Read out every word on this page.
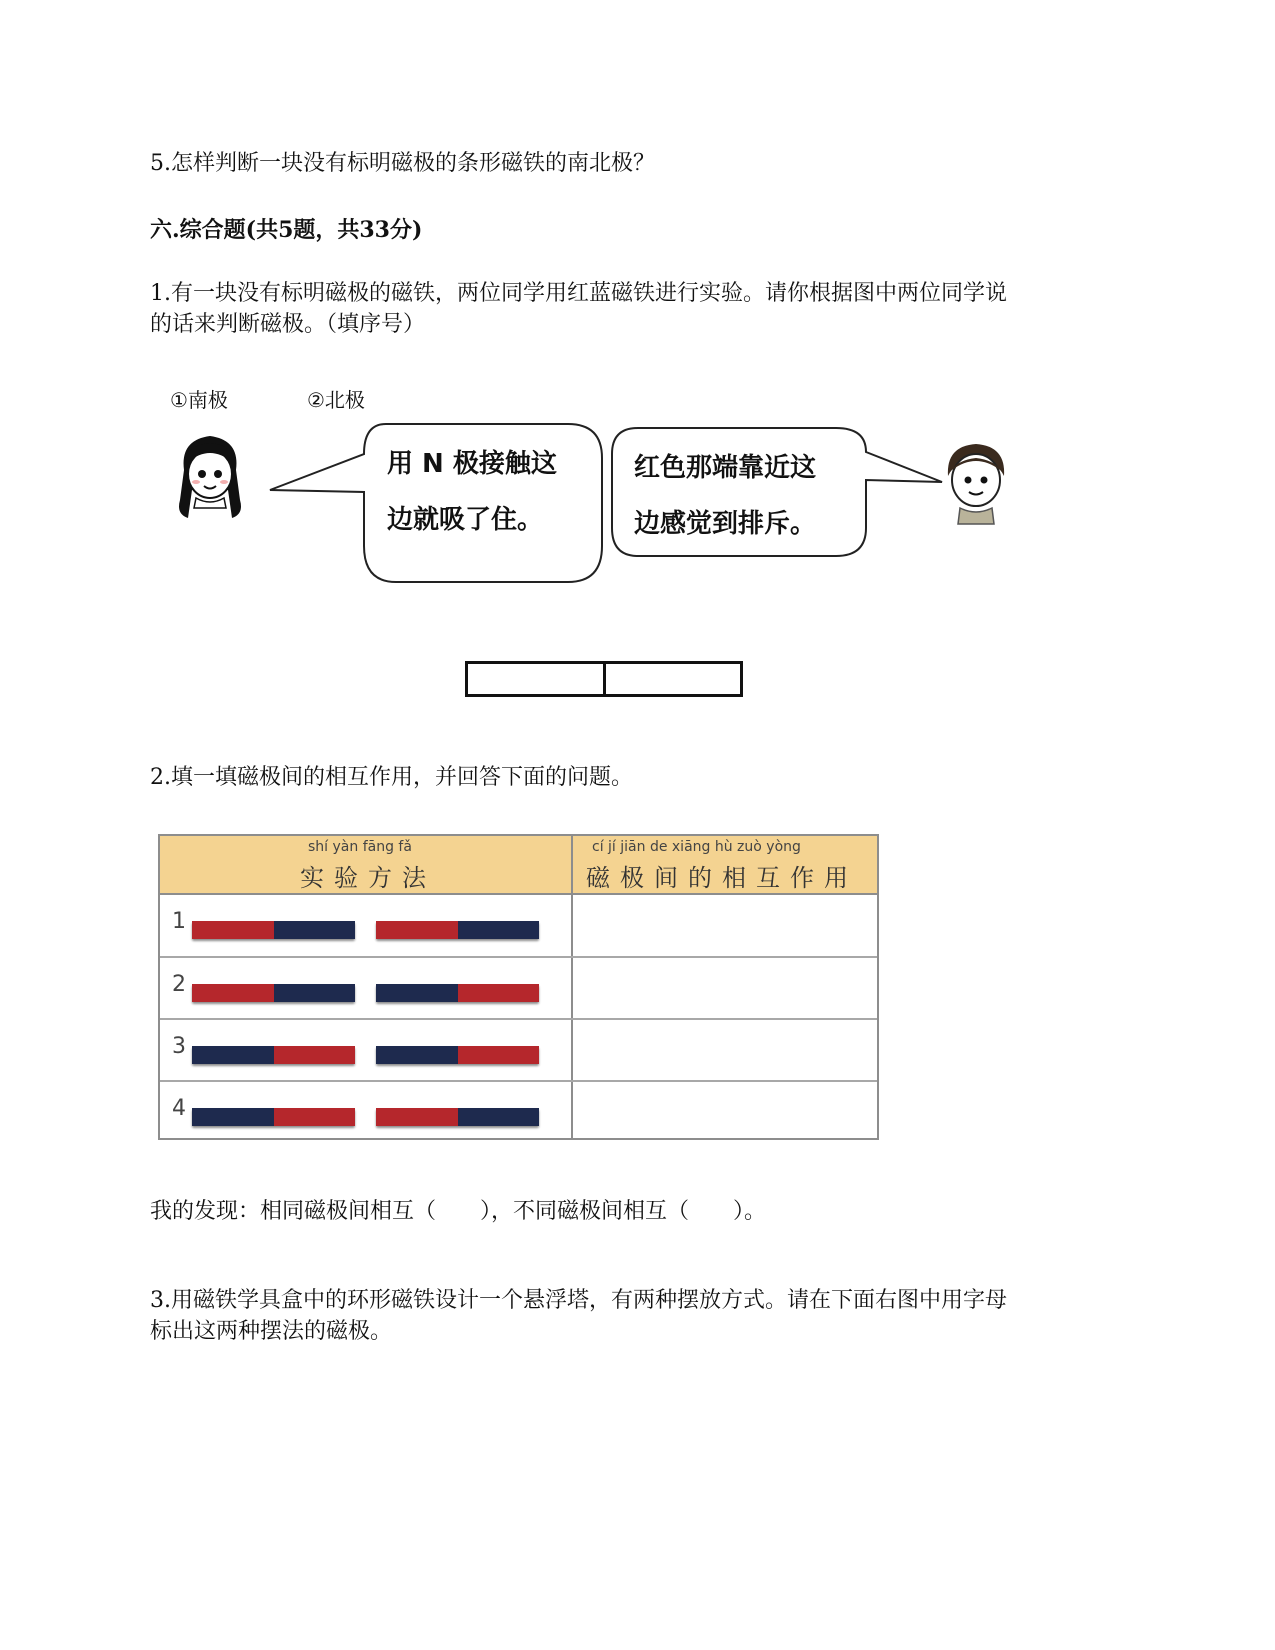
5.怎样判断一块没有标明磁极的条形磁铁的南北极？
六.综合题(共5题，共33分)
1.有一块没有标明磁极的磁铁，两位同学用红蓝磁铁进行实验。请你根据图中两位同学说
的话来判断磁极。（填序号）
①南极	②北极
用 N 极接触这
边就吸了住。
红色那端靠近这
边感觉到排斥。
2.填一填磁极间的相互作用，并回答下面的问题。
shí yàn fāng fǎ
实验方法
cí jí jiān de xiāng hù zuò yòng
磁极间的相互作用
1
2
3
4
我的发现：相同磁极间相互（　　），不同磁极间相互（　　）。
3.用磁铁学具盒中的环形磁铁设计一个悬浮塔，有两种摆放方式。请在下面右图中用字母
标出这两种摆法的磁极。
